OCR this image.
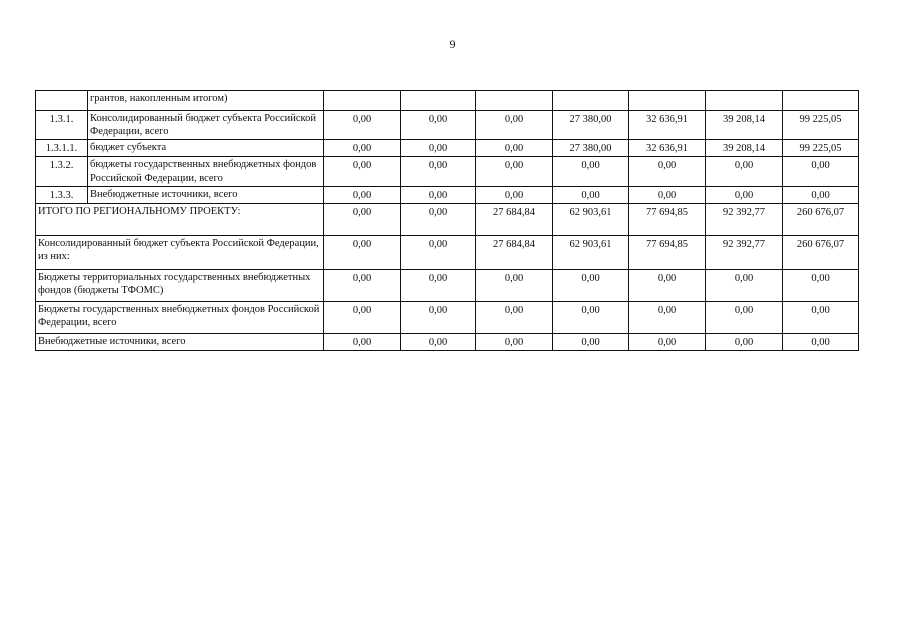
9
	грантов, накопленным итогом)							
1.3.1.	Консолидированный бюджет субъекта Российской Федерации, всего	0,00	0,00	0,00	27 380,00	32 636,91	39 208,14	99 225,05
1.3.1.1.	бюджет субъекта	0,00	0,00	0,00	27 380,00	32 636,91	39 208,14	99 225,05
1.3.2.	бюджеты государственных внебюджетных фондов Российской Федерации, всего	0,00	0,00	0,00	0,00	0,00	0,00	0,00
1.3.3.	Внебюджетные источники, всего	0,00	0,00	0,00	0,00	0,00	0,00	0,00
ИТОГО ПО РЕГИОНАЛЬНОМУ ПРОЕКТУ:		0,00	0,00	27 684,84	62 903,61	77 694,85	92 392,77	260 676,07
Консолидированный бюджет субъекта Российской Федерации, из них:		0,00	0,00	27 684,84	62 903,61	77 694,85	92 392,77	260 676,07
Бюджеты территориальных государственных внебюджетных фондов (бюджеты ТФОМС)		0,00	0,00	0,00	0,00	0,00	0,00	0,00
Бюджеты государственных внебюджетных фондов Российской Федерации, всего		0,00	0,00	0,00	0,00	0,00	0,00	0,00
Внебюджетные источники, всего		0,00	0,00	0,00	0,00	0,00	0,00	0,00
